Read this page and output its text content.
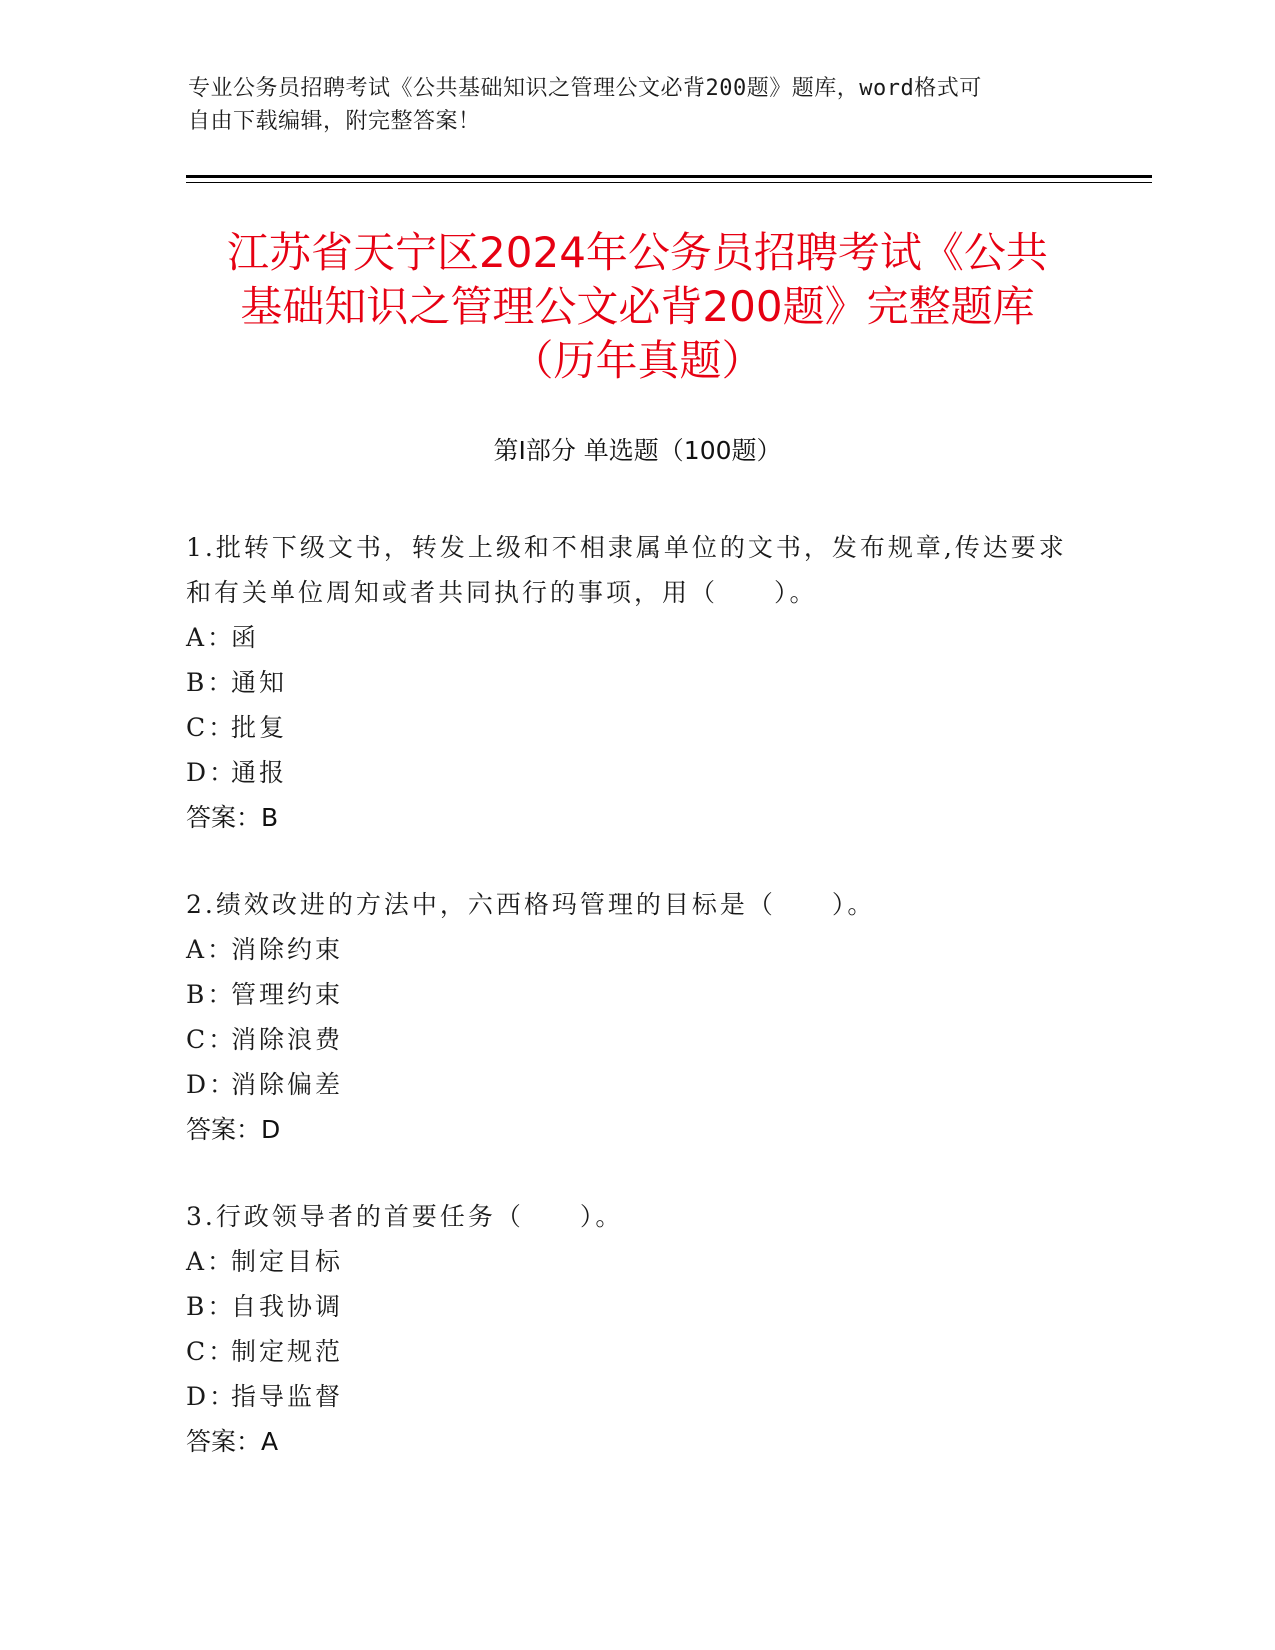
专业公务员招聘考试《公共基础知识之管理公文必背200题》题库，word格式可
自由下载编辑，附完整答案！
江苏省天宁区2024年公务员招聘考试《公共
基础知识之管理公文必背200题》完整题库
（历年真题）
第Ⅰ部分 单选题（100题）
1.批转下级文书，转发上级和不相隶属单位的文书，发布规章,传达要求和有关单位周知或者共同执行的事项，用（　　）。
A：函
B：通知
C：批复
D：通报
答案：B
2.绩效改进的方法中，六西格玛管理的目标是（　　）。
A：消除约束
B：管理约束
C：消除浪费
D：消除偏差
答案：D
3.行政领导者的首要任务（　　）。
A：制定目标
B：自我协调
C：制定规范
D：指导监督
答案：A
